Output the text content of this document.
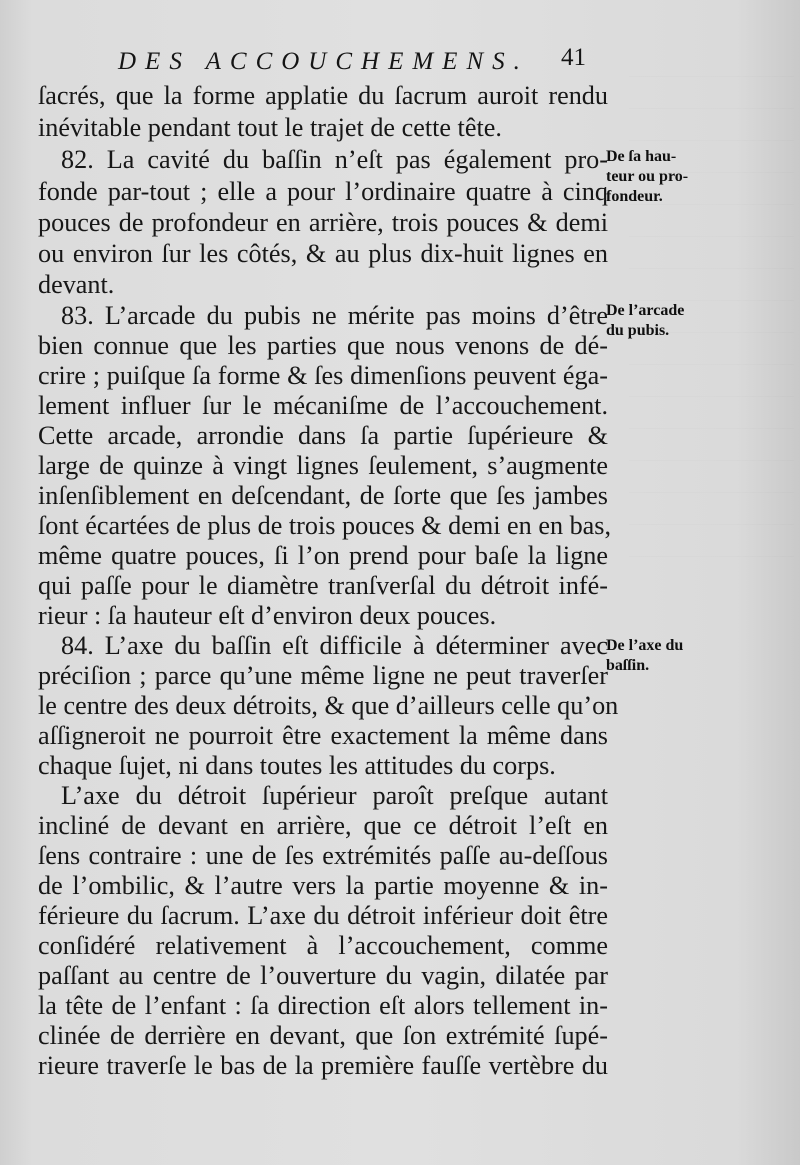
DES ACCOUCHEMENS. 41
ſacrés, que la forme applatie du ſacrum auroit rendu
inévitable pendant tout le trajet de cette tête.
82. La cavité du baſſin n’eſt pas également pro-
fonde par-tout ; elle a pour l’ordinaire quatre à cinq
pouces de profondeur en arrière, trois pouces & demi
ou environ ſur les côtés, & au plus dix-huit lignes en
devant.
83. L’arcade du pubis ne mérite pas moins d’être
bien connue que les parties que nous venons de dé-
crire ; puiſque ſa forme & ſes dimenſions peuvent éga-
lement influer ſur le mécaniſme de l’accouchement.
Cette arcade, arrondie dans ſa partie ſupérieure &
large de quinze à vingt lignes ſeulement, s’augmente
inſenſiblement en deſcendant, de ſorte que ſes jambes
ſont écartées de plus de trois pouces & demi en en bas,
même quatre pouces, ſi l’on prend pour baſe la ligne
qui paſſe pour le diamètre tranſverſal du détroit infé-
rieur : ſa hauteur eſt d’environ deux pouces.
84. L’axe du baſſin eſt difficile à déterminer avec
préciſion ; parce qu’une même ligne ne peut traverſer
le centre des deux détroits, & que d’ailleurs celle qu’on
aſſigneroit ne pourroit être exactement la même dans
chaque ſujet, ni dans toutes les attitudes du corps.
L’axe du détroit ſupérieur paroît preſque autant
incliné de devant en arrière, que ce détroit l’eſt en
ſens contraire : une de ſes extrémités paſſe au-deſſous
de l’ombilic, & l’autre vers la partie moyenne & in-
férieure du ſacrum. L’axe du détroit inférieur doit être
conſidéré relativement à l’accouchement, comme
paſſant au centre de l’ouverture du vagin, dilatée par
la tête de l’enfant : ſa direction eſt alors tellement in-
clinée de derrière en devant, que ſon extrémité ſupé-
rieure traverſe le bas de la première fauſſe vertèbre du
De ſa hau-
teur ou pro-
fondeur.
De l’arcade
du pubis.
De l’axe du
baſſin.
